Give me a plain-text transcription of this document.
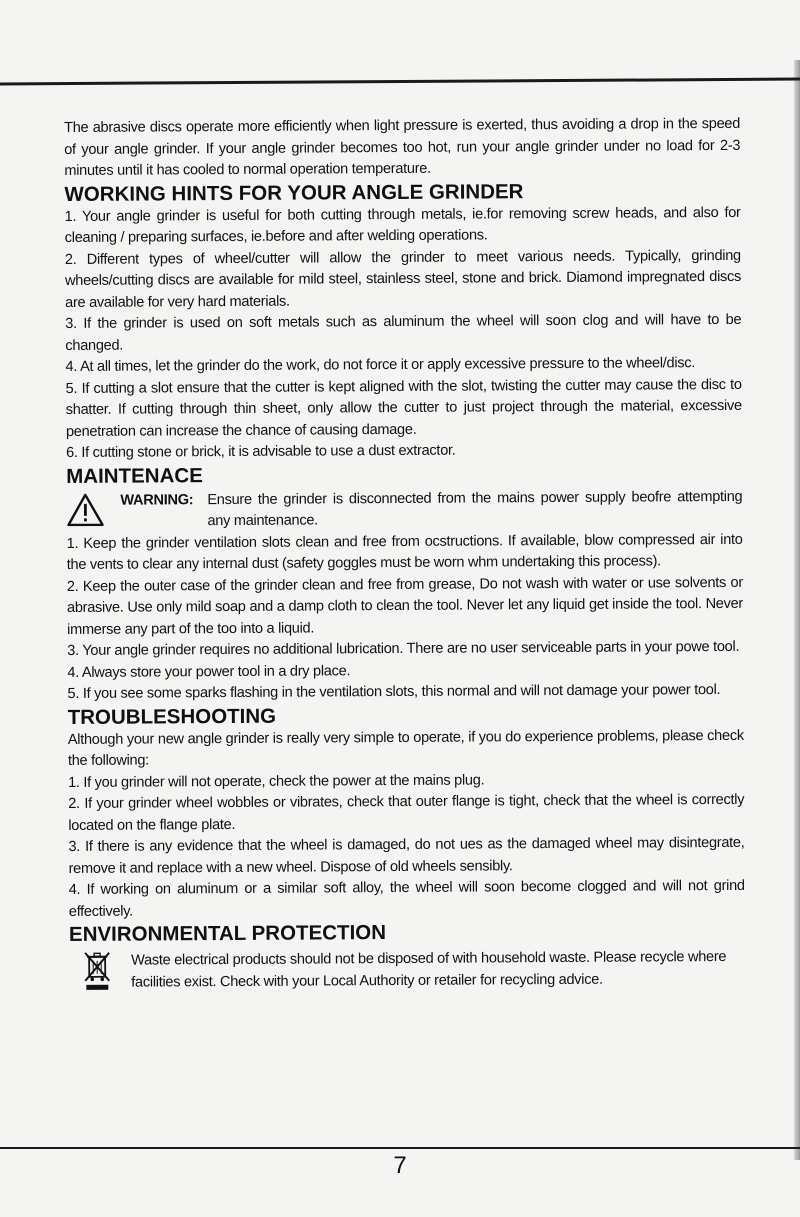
The abrasive discs operate more efficiently when light pressure is exerted, thus avoiding a drop in the speed of your angle grinder. If your angle grinder becomes too hot, run your angle grinder under no load for 2-3 minutes until it has cooled to normal operation temperature.

WORKING HINTS FOR YOUR ANGLE GRINDER

1. Your angle grinder is useful for both cutting through metals, ie.for removing screw heads, and also for cleaning / preparing surfaces, ie.before and after welding operations.

2. Different types of wheel/cutter will allow the grinder to meet various needs. Typically, grinding wheels/cutting discs are available for mild steel, stainless steel, stone and brick. Diamond impregnated discs are available for very hard materials.

3. If the grinder is used on soft metals such as aluminum the wheel will soon clog and will have to be changed.

4. At all times, let the grinder do the work, do not force it or apply excessive pressure to the wheel/disc.

5. If cutting a slot ensure that the cutter is kept aligned with the slot, twisting the cutter may cause the disc to shatter. If cutting through thin sheet, only allow the cutter to just project through the material, excessive penetration can increase the chance of causing damage.

6. If cutting stone or brick, it is advisable to use a dust extractor.

MAINTENACE
WARNING: Ensure the grinder is disconnected from the mains power supply beofre attempting any maintenance.

1. Keep the grinder ventilation slots clean and free from ocstructions. If available, blow compressed air into the vents to clear any internal dust (safety goggles must be worn whm undertaking this process).

2. Keep the outer case of the grinder clean and free from grease, Do not wash with water or use solvents or abrasive. Use only mild soap and a damp cloth to clean the tool. Never let any liquid get inside the tool. Never immerse any part of the too into a liquid.

3. Your angle grinder requires no additional lubrication. There are no user serviceable parts in your powe tool.

4. Always store your power tool in a dry place.

5. If you see some sparks flashing in the ventilation slots, this normal and will not damage your power tool.

TROUBLESHOOTING

Although your new angle grinder is really very simple to operate, if you do experience problems, please check the following:

1. If you grinder will not operate, check the power at the mains plug.

2. If your grinder wheel wobbles or vibrates, check that outer flange is tight, check that the wheel is correctly located on the flange plate.

3. If there is any evidence that the wheel is damaged, do not ues as the damaged wheel may disintegrate, remove it and replace with a new wheel. Dispose of old wheels sensibly.

4. If working on aluminum or a similar soft alloy, the wheel will soon become clogged and will not grind effectively.

ENVIRONMENTAL PROTECTION

Waste electrical products should not be disposed of with household waste. Please recycle where facilities exist. Check with your Local Authority or retailer for recycling advice.

7
